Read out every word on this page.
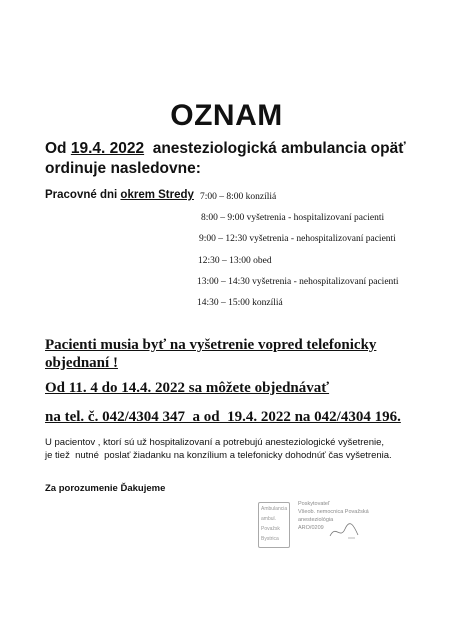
OZNAM
Od 19.4. 2022  anesteziologická ambulancia opäť
ordinuje nasledovne:
Pracovné dni okrem Stredy 7:00 – 8:00 konzíliá
8:00 – 9:00 vyšetrenia - hospitalizovaní pacienti
9:00 – 12:30 vyšetrenia - nehospitalizovaní pacienti
12:30 – 13:00 obed
13:00 – 14:30 vyšetrenia - nehospitalizovaní pacienti
14:30 – 15:00 konzíliá
Pacienti musia byť na vyšetrenie vopred telefonicky
objednaní !
Od 11. 4 do 14.4. 2022 sa môžete objednávať
na tel. č. 042/4304 347  a od  19.4. 2022 na 042/4304 196.
U pacientov , ktorí sú už hospitalizovaní a potrebujú anesteziologické vyšetrenie,
je tiež  nutné  poslať žiadanku na konzílium a telefonicky dohodnúť čas vyšetrenia.
Za porozumenie Ďakujeme
Ambulancia
ambul.
Považsk
Bystrica
Poskytovateľ
Všeob. nemocnica Považská
anesteziológia
ARO/0209
